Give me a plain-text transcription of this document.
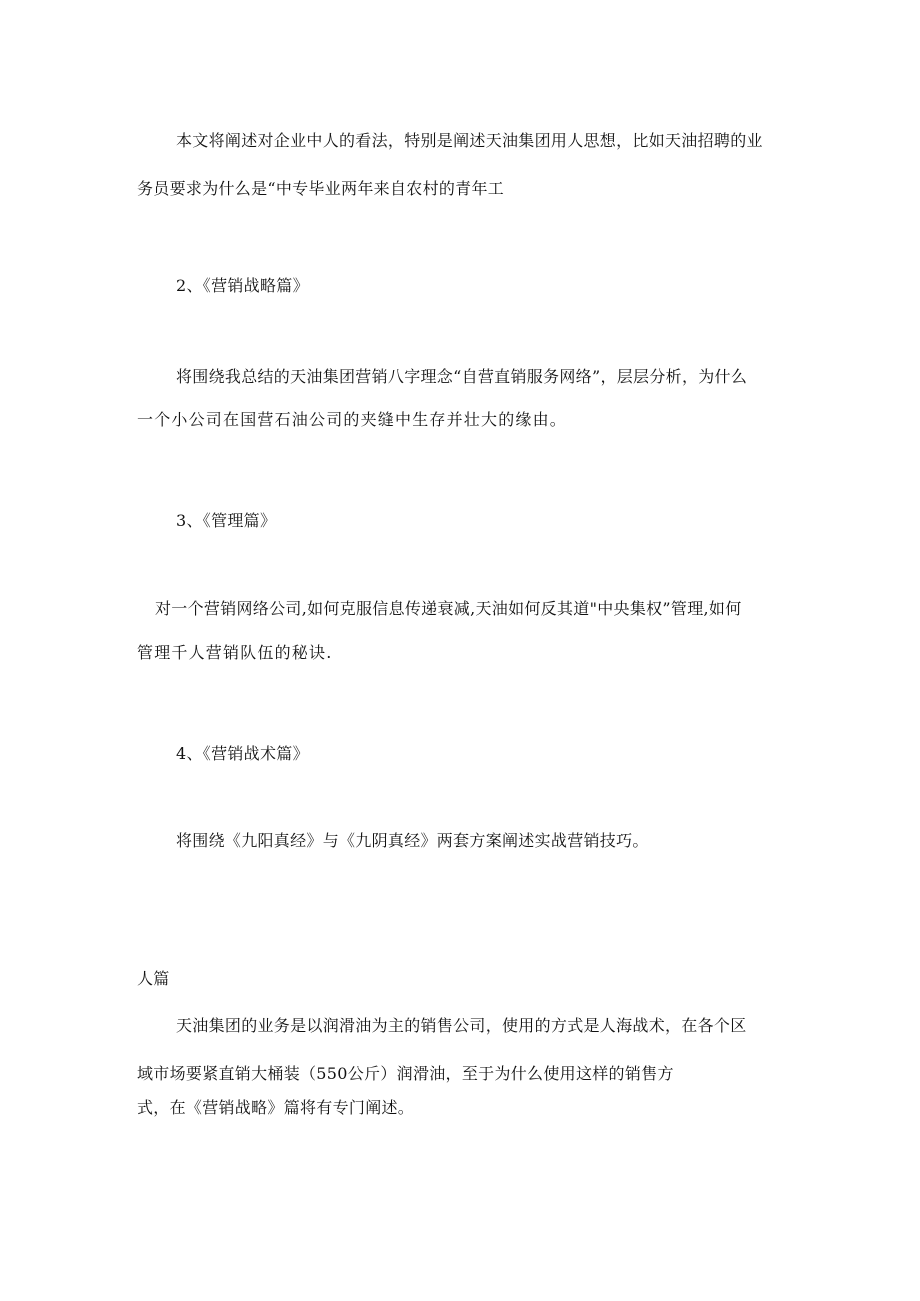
本文将阐述对企业中人的看法，特别是阐述天油集团用人思想，比如天油招聘的业
务员要求为什么是“中专毕业两年来自农村的青年工
2、《营销战略篇》
将围绕我总结的天油集团营销八字理念“自营直销服务网络”，层层分析，为什么
一个小公司在国营石油公司的夹缝中生存并壮大的缘由。
3、《管理篇》
对一个营销网络公司,如何克服信息传递衰减,天油如何反其道"中央集权”管理,如何
管理千人营销队伍的秘诀.
4、《营销战术篇》
将围绕《九阳真经》与《九阴真经》两套方案阐述实战营销技巧。
人篇
天油集团的业务是以润滑油为主的销售公司，使用的方式是人海战术，在各个区
域市场要紧直销大桶装（550公斤）润滑油，至于为什么使用这样的销售方
式，在《营销战略》篇将有专门阐述。
